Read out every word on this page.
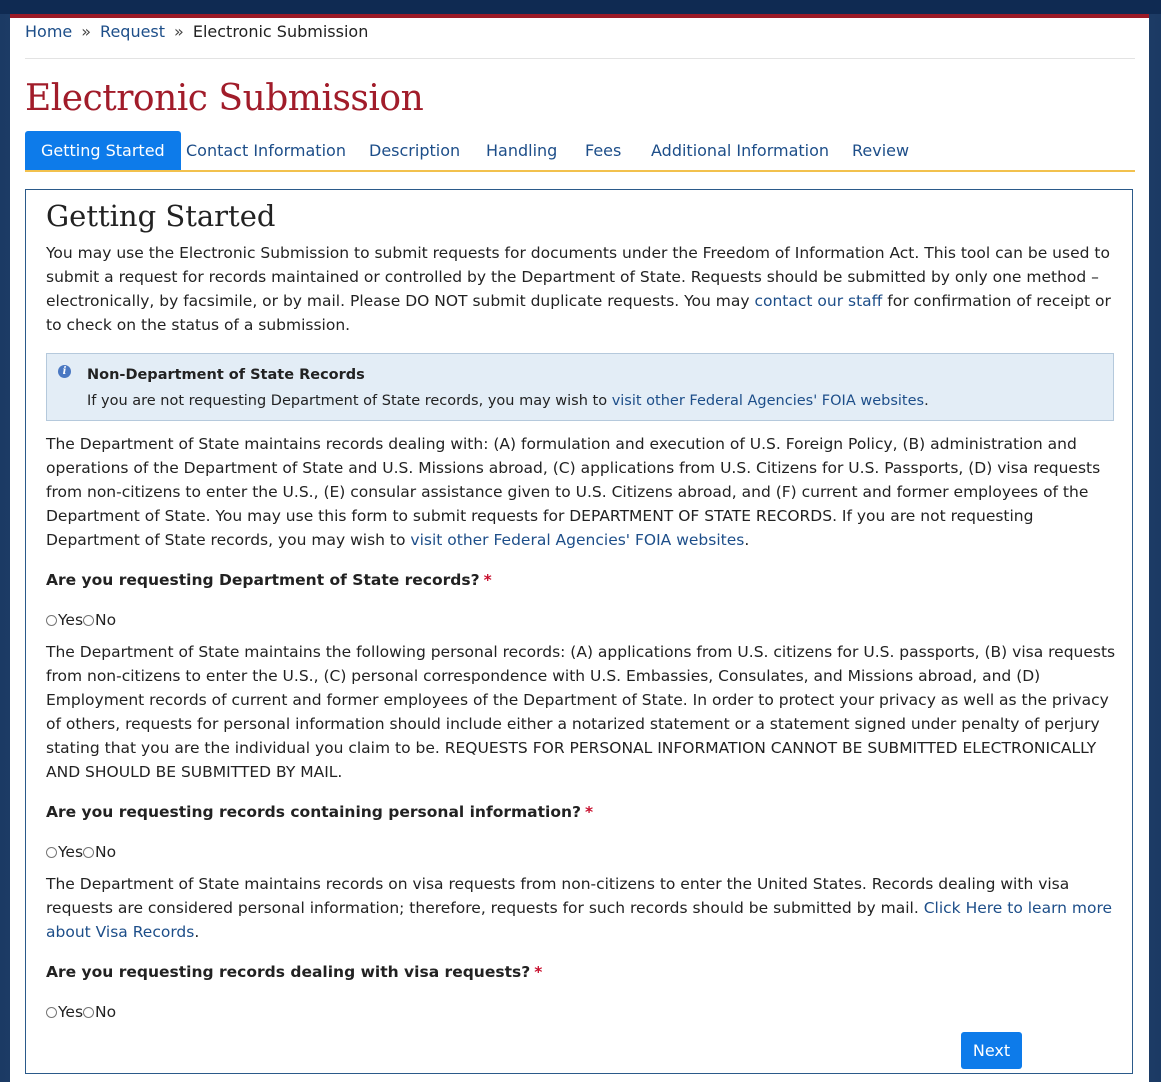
Home » Request » Electronic Submission
Electronic Submission
Getting Started	Contact Information Description Handling Fees Additional Information Review
Getting Started

You may use the Electronic Submission to submit requests for documents under the Freedom of Information Act. This tool can be used to submit a request for records maintained or controlled by the Department of State. Requests should be submitted by only one method – electronically, by facsimile, or by mail. Please DO NOT submit duplicate requests. You may contact our staff for confirmation of receipt or to check on the status of a submission.

i	Non-Department of State Records
If you are not requesting Department of State records, you may wish to visit other Federal Agencies' FOIA websites.

The Department of State maintains records dealing with: (A) formulation and execution of U.S. Foreign Policy, (B) administration and operations of the Department of State and U.S. Missions abroad, (C) applications from U.S. Citizens for U.S. Passports, (D) visa requests from non-citizens to enter the U.S., (E) consular assistance given to U.S. Citizens abroad, and (F) current and former employees of the Department of State. You may use this form to submit requests for DEPARTMENT OF STATE RECORDS. If you are not requesting Department of State records, you may wish to visit other Federal Agencies' FOIA websites.

Are you requesting Department of State records? *
Yes No

The Department of State maintains the following personal records: (A) applications from U.S. citizens for U.S. passports, (B) visa requests from non-citizens to enter the U.S., (C) personal correspondence with U.S. Embassies, Consulates, and Missions abroad, and (D) Employment records of current and former employees of the Department of State. In order to protect your privacy as well as the privacy of others, requests for personal information should include either a notarized statement or a statement signed under penalty of perjury stating that you are the individual you claim to be. REQUESTS FOR PERSONAL INFORMATION CANNOT BE SUBMITTED ELECTRONICALLY AND SHOULD BE SUBMITTED BY MAIL.

Are you requesting records containing personal information? *
Yes No

The Department of State maintains records on visa requests from non-citizens to enter the United States. Records dealing with visa requests are considered personal information; therefore, requests for such records should be submitted by mail. Click Here to learn more about Visa Records.

Are you requesting records dealing with visa requests? *
Yes No
Next
